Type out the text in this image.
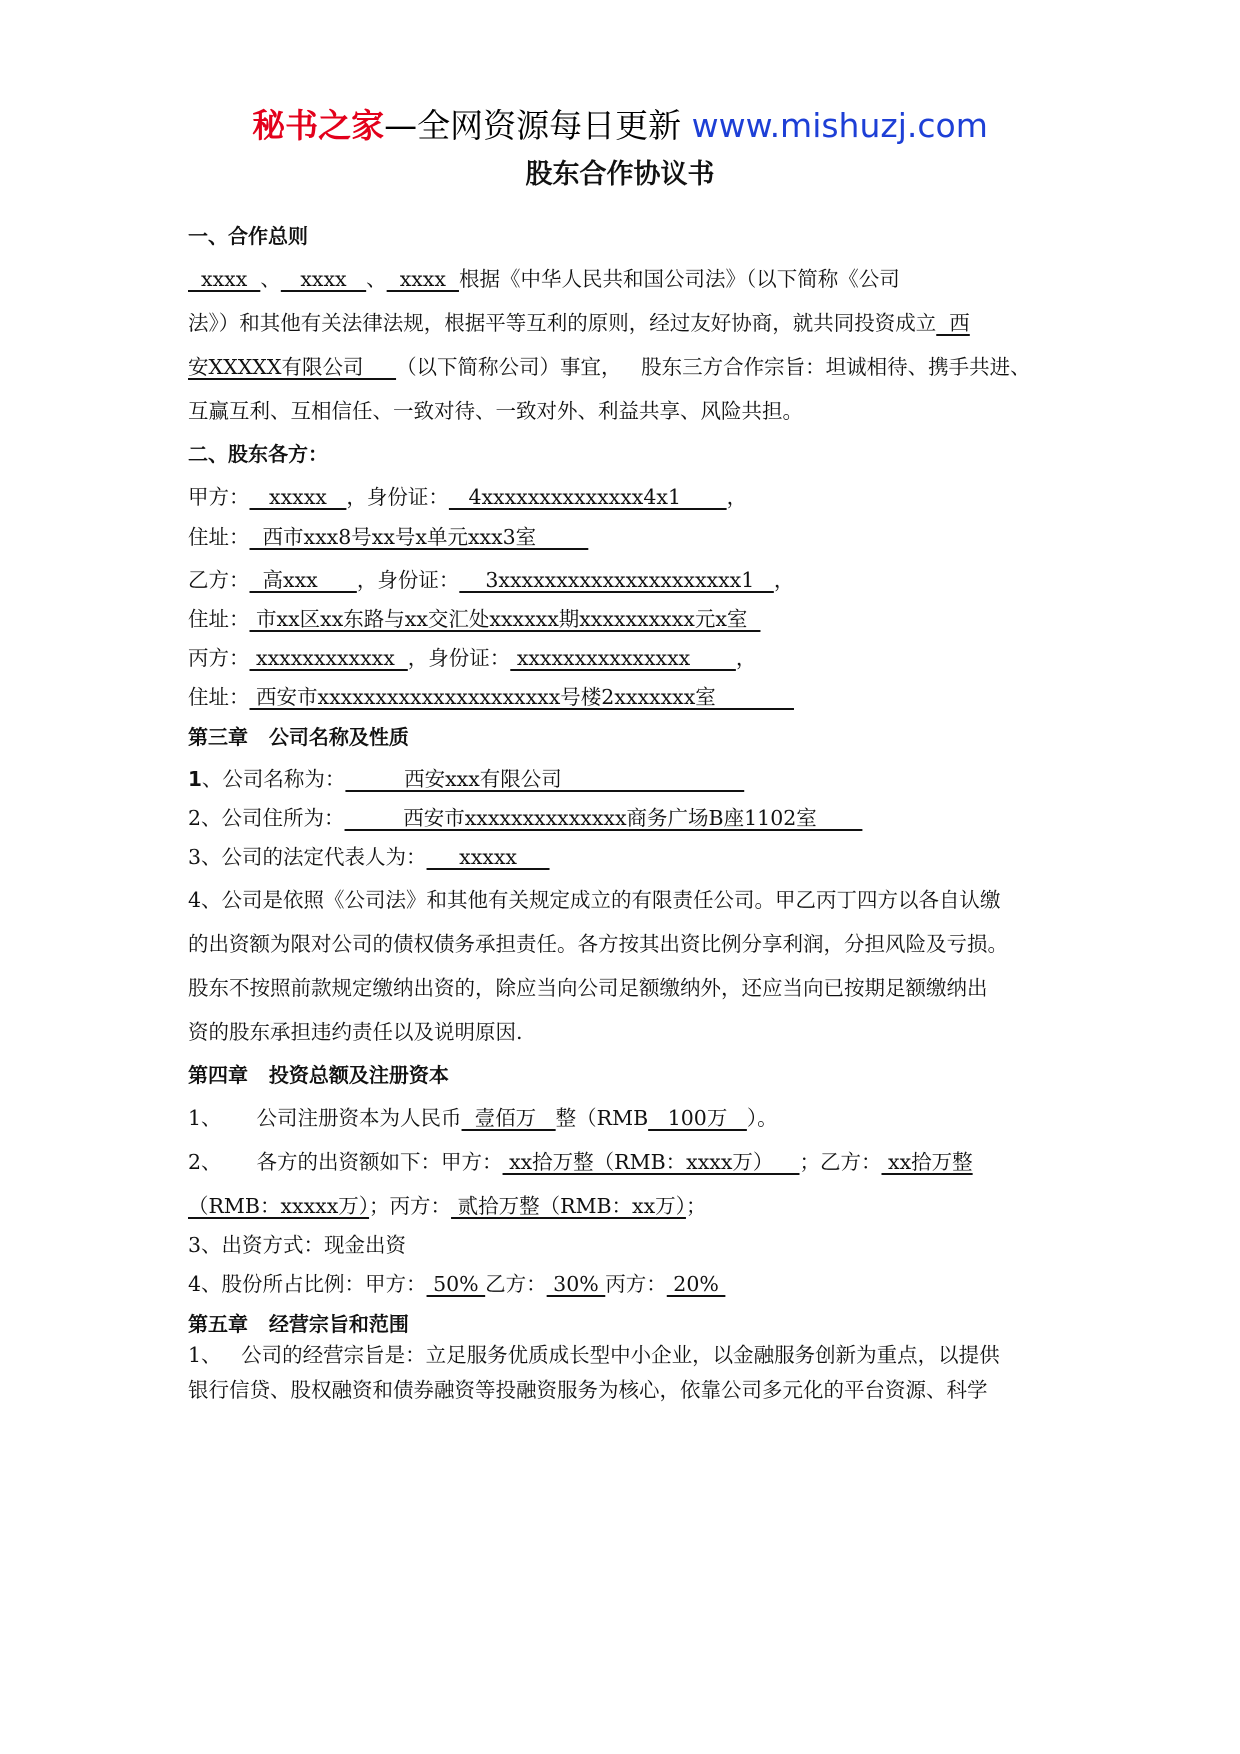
秘书之家—全网资源每日更新 www.mishuzj.com
股东合作协议书
一、合作总则
xxxx  、   xxxx   、  xxxx  根据《中华人民共和国公司法》（以下简称《公司
法》）和其他有关法律法规，根据平等互利的原则，经过友好协商，就共同投资成立  西
安XXXXX有限公司     （以下简称公司）事宜，   股东三方合作宗旨：坦诚相待、携手共进、
互赢互利、互相信任、一致对待、一致对外、利益共享、风险共担。
二、股东各方：
甲方：   xxxxx   ，身份证：   4xxxxxxxxxxxxxx4x1       ，
住址：  西市xxx8号xx号x单元xxx3室
乙方：  高xxx      ，身份证：    3xxxxxxxxxxxxxxxxxxxxx1   ，
住址： 市xx区xx东路与xx交汇处xxxxxx期xxxxxxxxxx元x室
丙方： xxxxxxxxxxxx  ，身份证： xxxxxxxxxxxxxxx       ，
住址： 西安市xxxxxxxxxxxxxxxxxxxxx号楼2xxxxxxx室
第三章   公司名称及性质
1、公司名称为：         西安xxx有限公司
2、公司住所为：         西安市xxxxxxxxxxxxxx商务广场B座1102室
3、公司的法定代表人为：     xxxxx
4、公司是依照《公司法》和其他有关规定成立的有限责任公司。甲乙丙丁四方以各自认缴
的出资额为限对公司的债权债务承担责任。各方按其出资比例分享利润，分担风险及亏损。
股东不按照前款规定缴纳出资的，除应当向公司足额缴纳外，还应当向已按期足额缴纳出
资的股东承担违约责任以及说明原因.
第四章   投资总额及注册资本
1、 公司注册资本为人民币  壹佰万   整（RMB   100万   ）。
2、 各方的出资额如下：甲方： xx拾万整（RMB：xxxx万）    ；乙方： xx拾万整
（RMB：xxxxx万）；丙方： 贰拾万整（RMB：xx万）；
3、出资方式：现金出资
4、股份所占比例：甲方： 50% 乙方： 30% 丙方： 20%
第五章   经营宗旨和范围
1、   公司的经营宗旨是：立足服务优质成长型中小企业，以金融服务创新为重点，以提供
银行信贷、股权融资和债券融资等投融资服务为核心，依靠公司多元化的平台资源、科学
